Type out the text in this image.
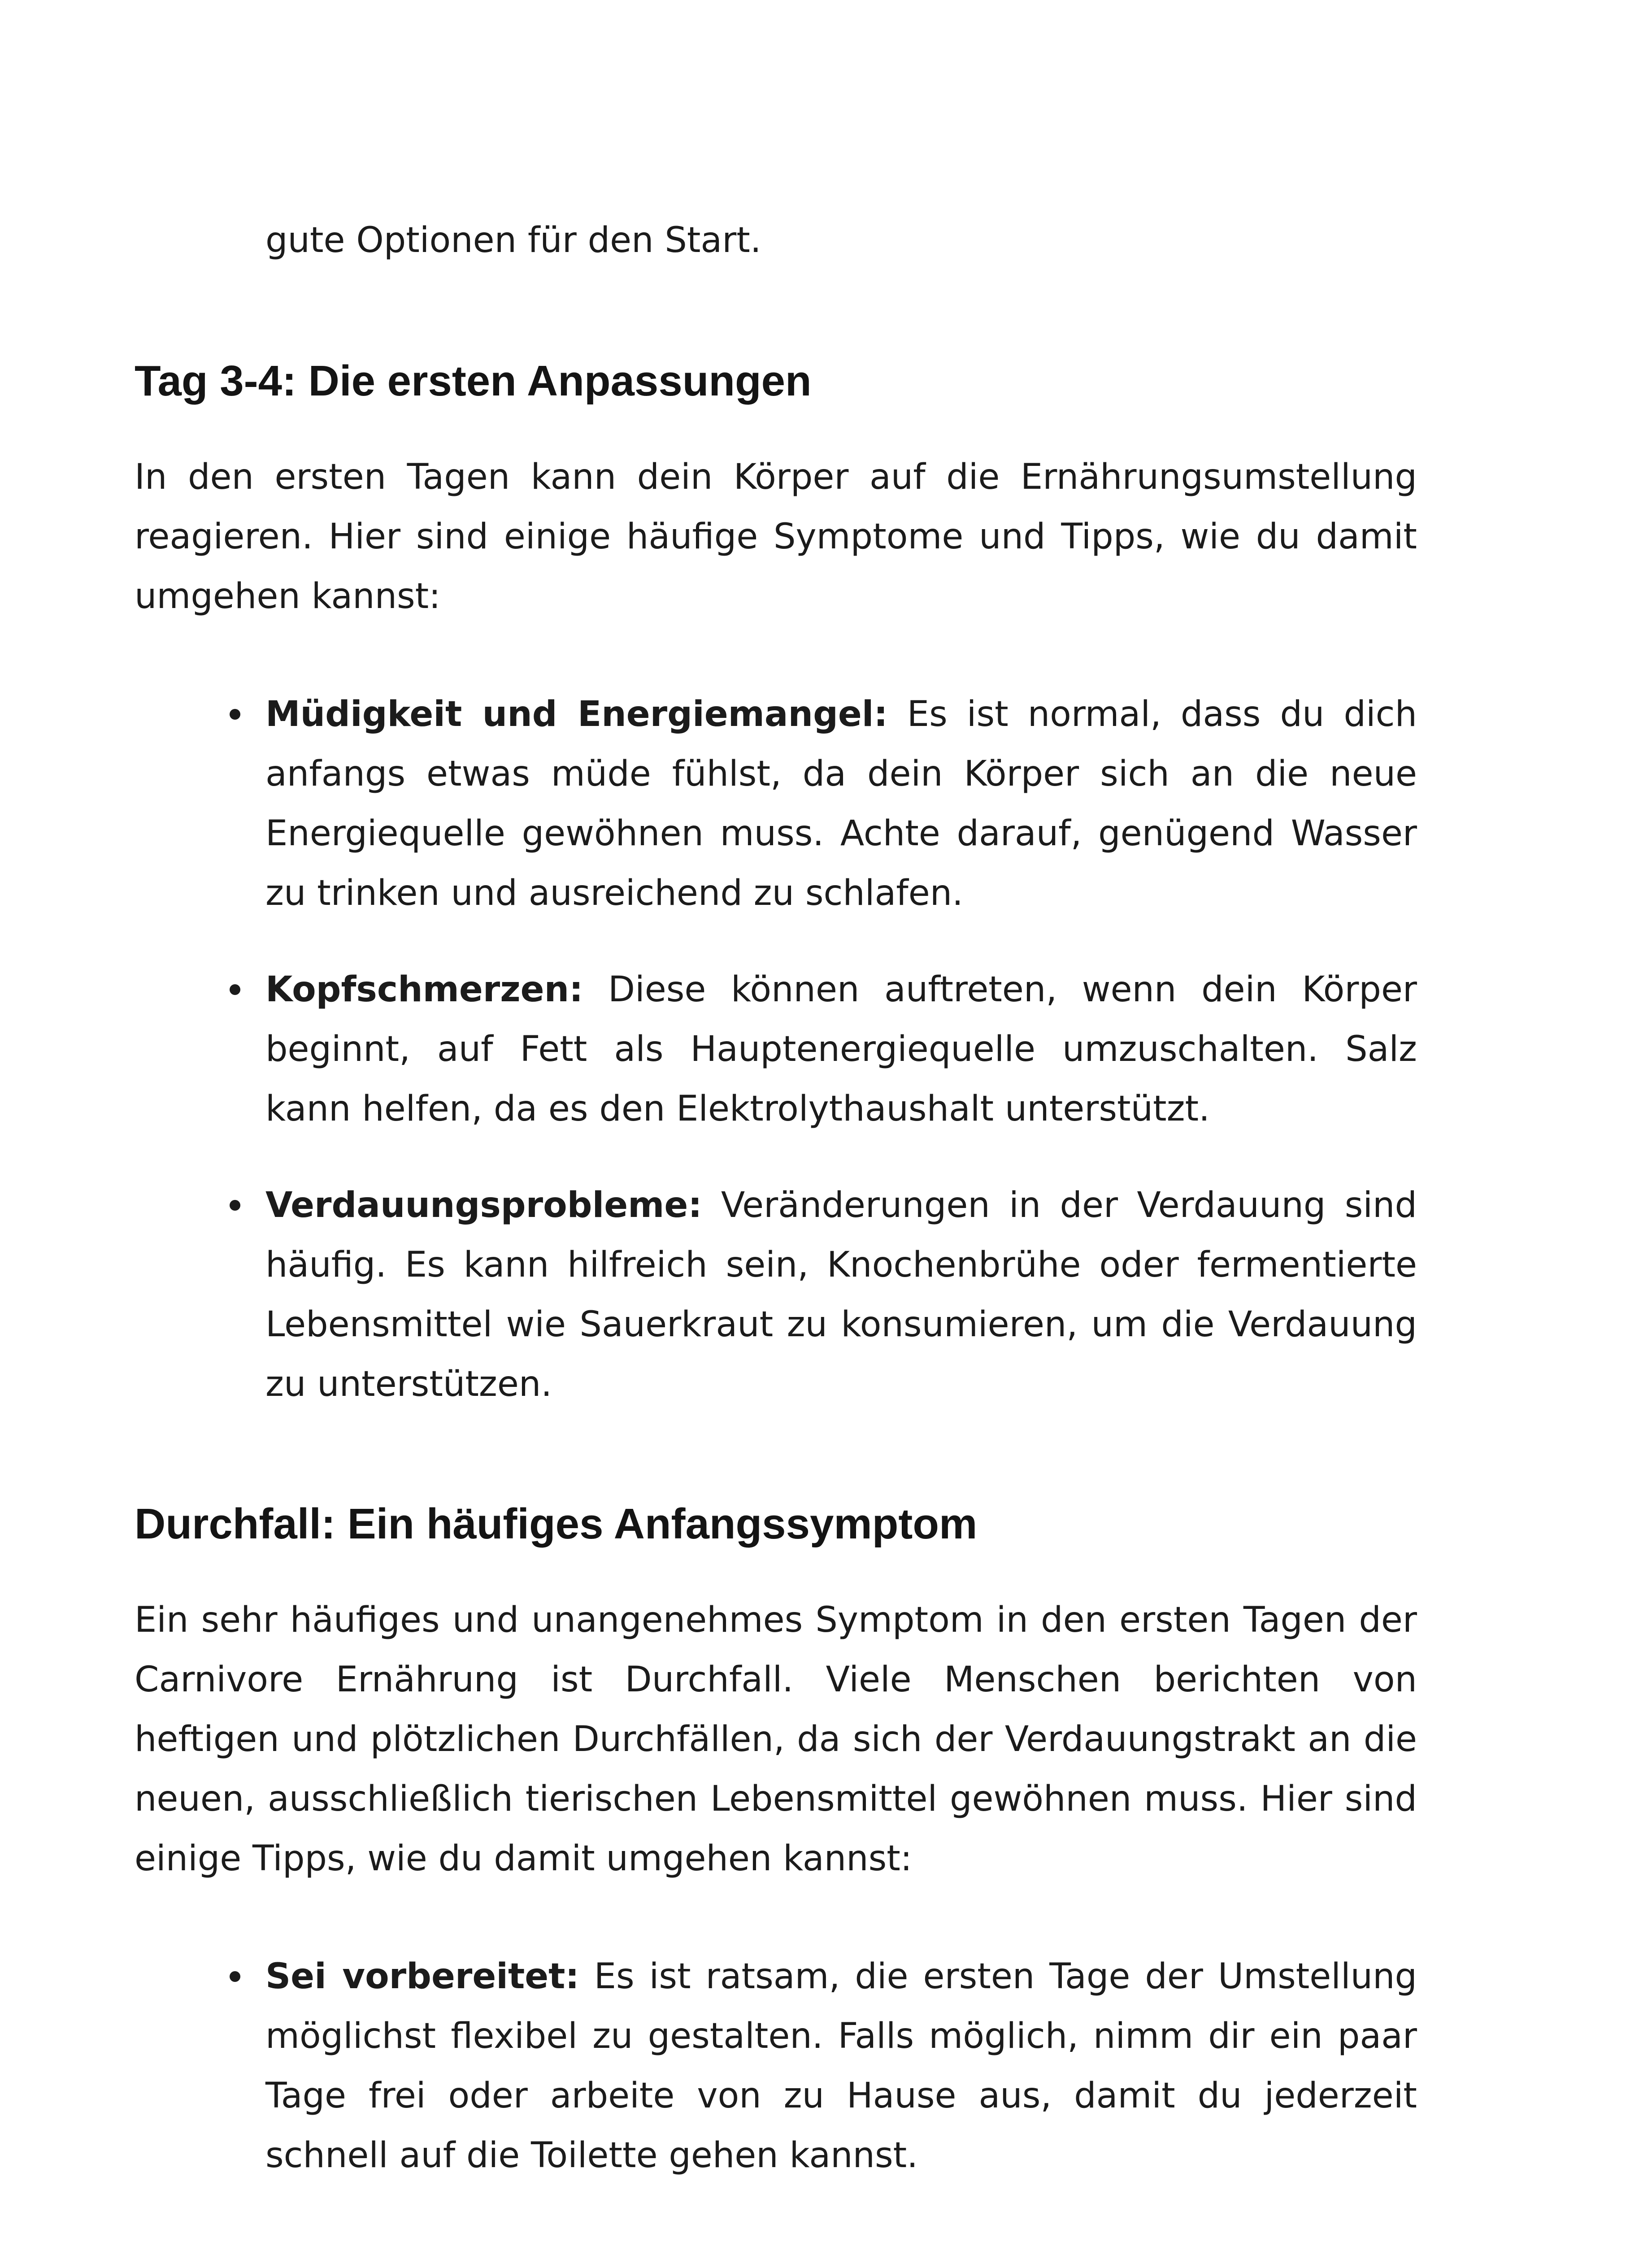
gute Optionen für den Start.

Tag 3-4: Die ersten Anpassungen

In den ersten Tagen kann dein Körper auf die Ernährungsumstellung reagieren. Hier sind einige häufige Symptome und Tipps, wie du damit umgehen kannst:

Müdigkeit und Energiemangel: Es ist normal, dass du dich anfangs etwas müde fühlst, da dein Körper sich an die neue Energiequelle gewöhnen muss. Achte darauf, genügend Wasser zu trinken und ausreichend zu schlafen.

Kopfschmerzen: Diese können auftreten, wenn dein Körper beginnt, auf Fett als Hauptenergiequelle umzuschalten. Salz kann helfen, da es den Elektrolythaushalt unterstützt.

Verdauungsprobleme: Veränderungen in der Verdauung sind häufig. Es kann hilfreich sein, Knochenbrühe oder fermentierte Lebensmittel wie Sauerkraut zu konsumieren, um die Verdauung zu unterstützen.

Durchfall: Ein häufiges Anfangssymptom

Ein sehr häufiges und unangenehmes Symptom in den ersten Tagen der Carnivore Ernährung ist Durchfall. Viele Menschen berichten von heftigen und plötzlichen Durchfällen, da sich der Verdauungstrakt an die neuen, ausschließlich tierischen Lebensmittel gewöhnen muss. Hier sind einige Tipps, wie du damit umgehen kannst:

Sei vorbereitet: Es ist ratsam, die ersten Tage der Umstellung möglichst flexibel zu gestalten. Falls möglich, nimm dir ein paar Tage frei oder arbeite von zu Hause aus, damit du jederzeit schnell auf die Toilette gehen kannst.
